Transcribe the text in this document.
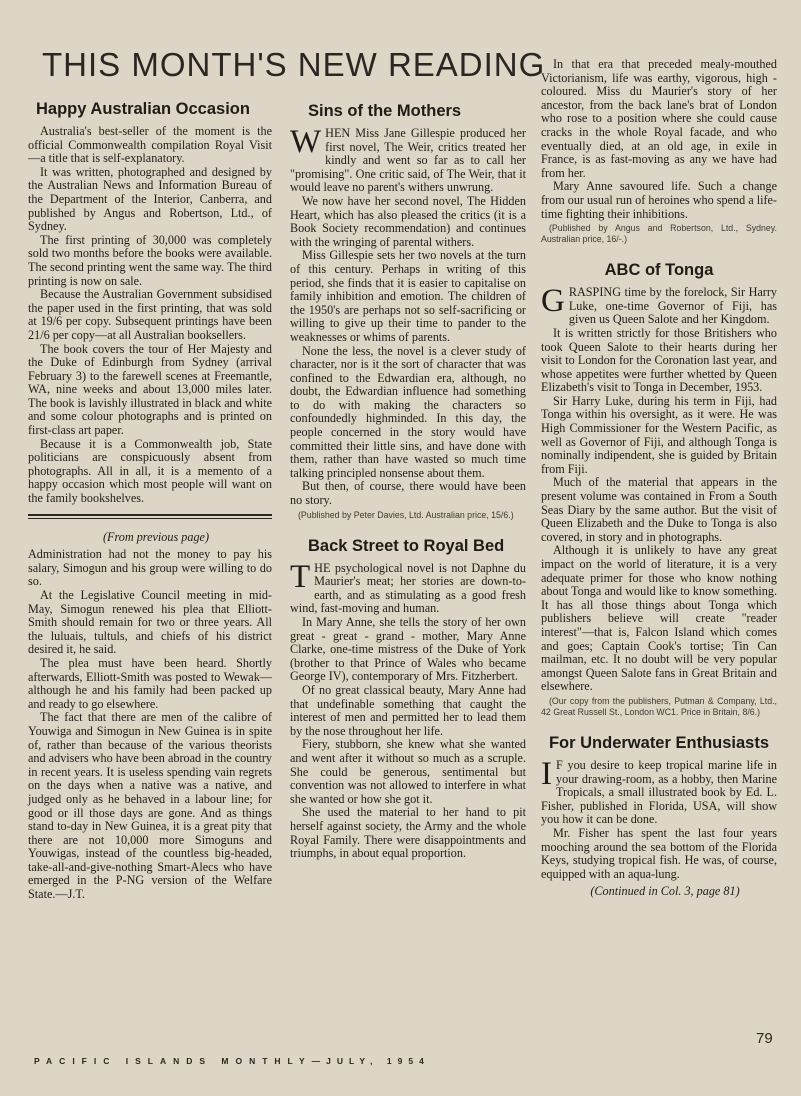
THIS MONTH'S NEW READING
Happy Australian Occasion

Australia's best-seller of the moment is the official Commonwealth compilation Royal Visit—a title that is self-explanatory.

It was written, photographed and designed by the Australian News and Information Bureau of the Department of the Interior, Canberra, and published by Angus and Robertson, Ltd., of Sydney.

The first printing of 30,000 was completely sold two months before the books were available. The second printing went the same way. The third printing is now on sale.

Because the Australian Government subsidised the paper used in the first printing, that was sold at 19/6 per copy. Subsequent printings have been 21/6 per copy—at all Australian booksellers.

The book covers the tour of Her Majesty and the Duke of Edinburgh from Sydney (arrival February 3) to the farewell scenes at Freemantle, WA, nine weeks and about 13,000 miles later. The book is lavishly illustrated in black and white and some colour photographs and is printed on first-class art paper.

Because it is a Commonwealth job, State politicians are conspicuously absent from photographs. All in all, it is a memento of a happy occasion which most people will want on the family bookshelves.

(From previous page)

Administration had not the money to pay his salary, Simogun and his group were willing to do so.

At the Legislative Council meeting in mid-May, Simogun renewed his plea that Elliott-Smith should remain for two or three years. All the luluais, tultuls, and chiefs of his district desired it, he said.

The plea must have been heard. Shortly afterwards, Elliott-Smith was posted to Wewak—although he and his family had been packed up and ready to go elsewhere.

The fact that there are men of the calibre of Youwiga and Simogun in New Guinea is in spite of, rather than because of the various theorists and advisers who have been abroad in the country in recent years. It is useless spending vain regrets on the days when a native was a native, and judged only as he behaved in a labour line; for good or ill those days are gone. And as things stand to-day in New Guinea, it is a great pity that there are not 10,000 more Simoguns and Youwigas, instead of the countless big-headed, take-all-and-give-nothing Smart-Alecs who have emerged in the P-NG version of the Welfare State.—J.T.

Sins of the Mothers

WHEN Miss Jane Gillespie produced her first novel, The Weir, critics treated her kindly and went so far as to call her "promising". One critic said, of The Weir, that it would leave no parent's withers unwrung.

We now have her second novel, The Hidden Heart, which has also pleased the critics (it is a Book Society recommendation) and continues with the wringing of parental withers.

Miss Gillespie sets her two novels at the turn of this century. Perhaps in writing of this period, she finds that it is easier to capitalise on family inhibition and emotion. The children of the 1950's are perhaps not so self-sacrificing or willing to give up their time to pander to the weaknesses or whims of parents.

None the less, the novel is a clever study of character, nor is it the sort of character that was confined to the Edwardian era, although, no doubt, the Edwardian influence had something to do with making the characters so confoundedly highminded. In this day, the people concerned in the story would have committed their little sins, and have done with them, rather than have wasted so much time talking principled nonsense about them.

But then, of course, there would have been no story.

(Published by Peter Davies, Ltd. Australian price, 15/6.)

Back Street to Royal Bed

THE psychological novel is not Daphne du Maurier's meat; her stories are down-to-earth, and as stimulating as a good fresh wind, fast-moving and human.

In Mary Anne, she tells the story of her own great - great - grand - mother, Mary Anne Clarke, one-time mistress of the Duke of York (brother to that Prince of Wales who became George IV), contemporary of Mrs. Fitzherbert.

Of no great classical beauty, Mary Anne had that undefinable something that caught the interest of men and permitted her to lead them by the nose throughout her life.

Fiery, stubborn, she knew what she wanted and went after it without so much as a scruple. She could be generous, sentimental but convention was not allowed to interfere in what she wanted or how she got it.

She used the material to her hand to pit herself against society, the Army and the whole Royal Family. There were disappointments and triumphs, in about equal proportion.

In that era that preceded mealy-mouthed Victorianism, life was earthy, vigorous, high - coloured. Miss du Maurier's story of her ancestor, from the back lane's brat of London who rose to a position where she could cause cracks in the whole Royal facade, and who eventually died, at an old age, in exile in France, is as fast-moving as any we have had from her.

Mary Anne savoured life. Such a change from our usual run of heroines who spend a life-time fighting their inhibitions.

(Published by Angus and Robertson, Ltd., Sydney. Australian price, 16/-.)

ABC of Tonga

GRASPING time by the forelock, Sir Harry Luke, one-time Governor of Fiji, has given us Queen Salote and her Kingdom.

It is written strictly for those Britishers who took Queen Salote to their hearts during her visit to London for the Coronation last year, and whose appetites were further whetted by Queen Elizabeth's visit to Tonga in December, 1953.

Sir Harry Luke, during his term in Fiji, had Tonga within his oversight, as it were. He was High Commissioner for the Western Pacific, as well as Governor of Fiji, and although Tonga is nominally indipendent, she is guided by Britain from Fiji.

Much of the material that appears in the present volume was contained in From a South Seas Diary by the same author. But the visit of Queen Elizabeth and the Duke to Tonga is also covered, in story and in photographs.

Although it is unlikely to have any great impact on the world of literature, it is a very adequate primer for those who know nothing about Tonga and would like to know something. It has all those things about Tonga which publishers believe will create "reader interest"—that is, Falcon Island which comes and goes; Captain Cook's tortise; Tin Can mailman, etc. It no doubt will be very popular amongst Queen Salote fans in Great Britain and elsewhere.

(Our copy from the publishers, Putman & Company, Ltd., 42 Great Russell St., London WC1. Price in Britain, 8/6.)

For Underwater Enthusiasts

I F you desire to keep tropical marine life in your drawing-room, as a hobby, then Marine Tropicals, a small illustrated book by Ed. L. Fisher, published in Florida, USA, will show you how it can be done.

Mr. Fisher has spent the last four years mooching around the sea bottom of the Florida Keys, studying tropical fish. He was, of course, equipped with an aqua-lung.

(Continued in Col. 3, page 81)

PACIFIC ISLANDS MONTHLY—JULY, 1954
79
